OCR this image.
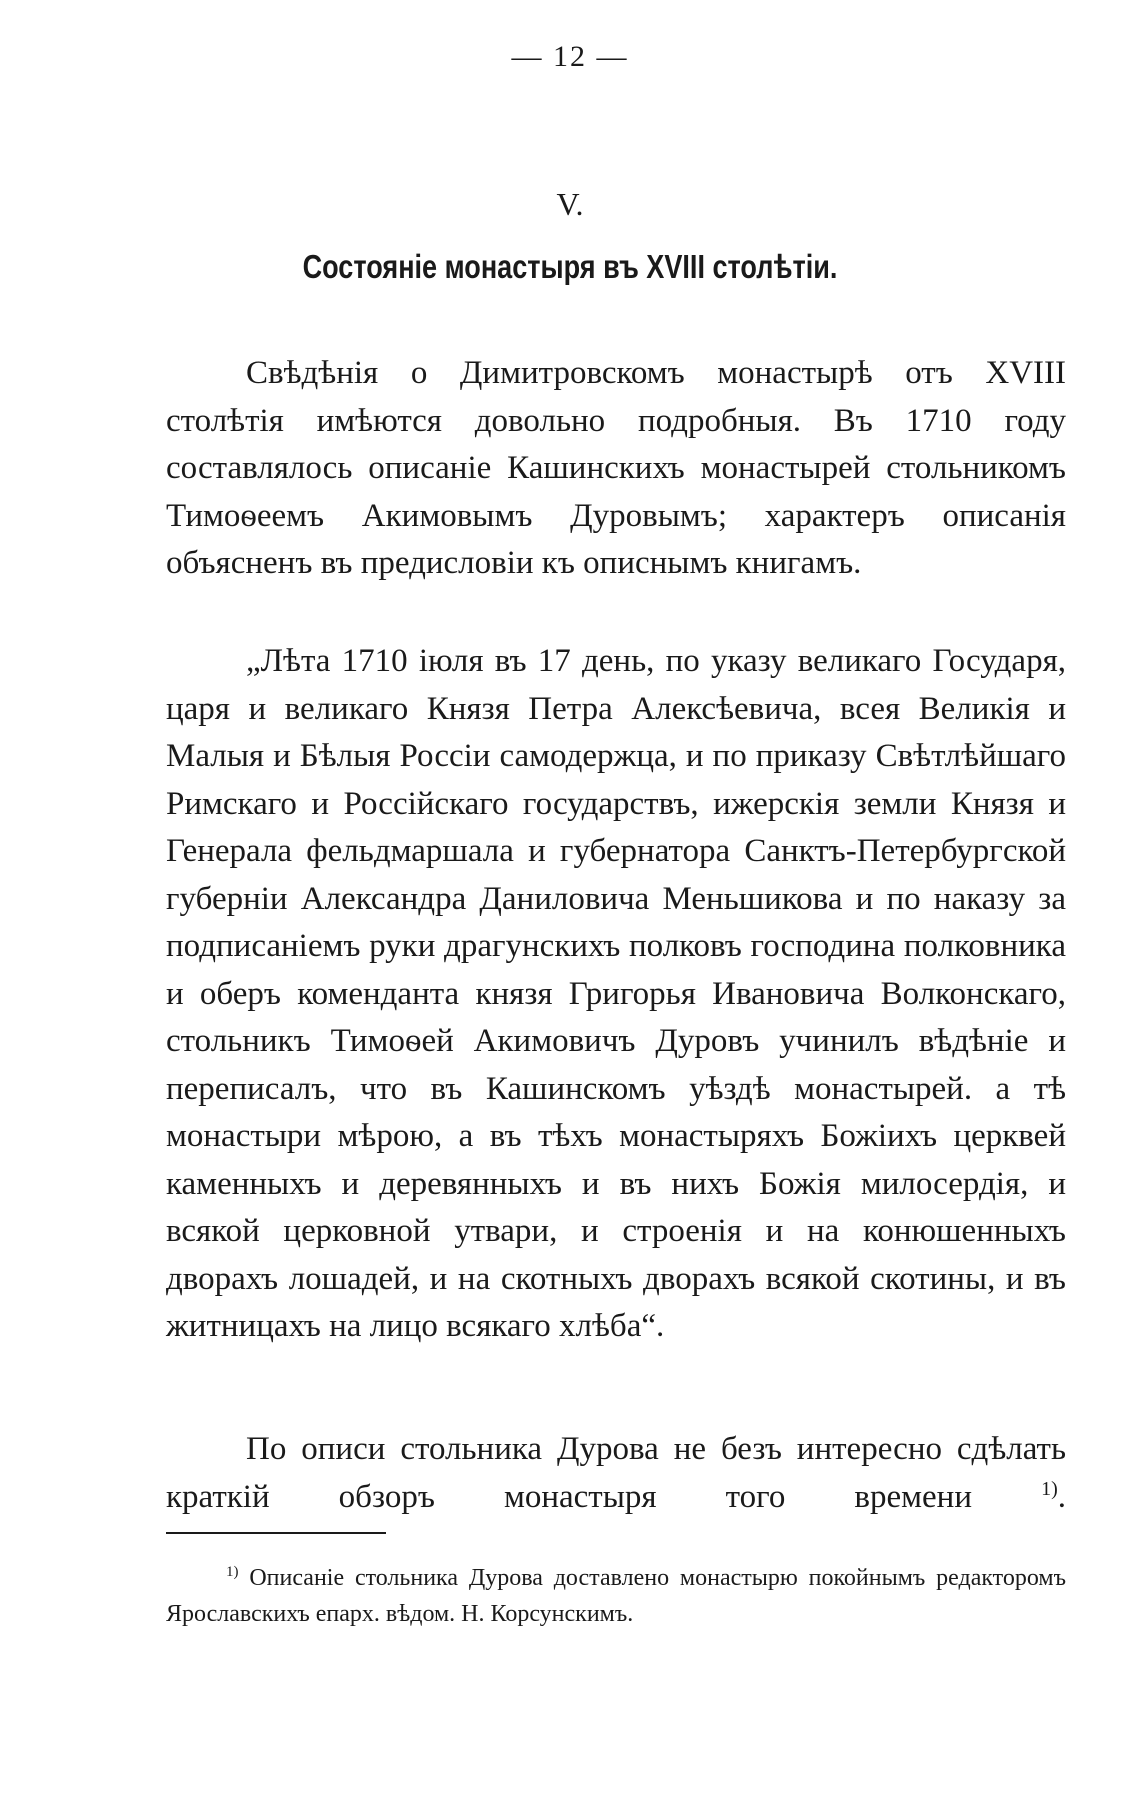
— 12 —
V.
Состояніе монастыря въ XVIII столѣтіи.

Свѣдѣнія о Димитровскомъ монастырѣ отъ XVIII столѣтія имѣются довольно подробныя. Въ 1710 году составлялось описаніе Кашинскихъ монастырей стольникомъ Тимоѳеемъ Акимовымъ Дуровымъ; характеръ описанія объясненъ въ предисловіи къ описнымъ книгамъ.

„Лѣта 1710 іюля въ 17 день, по указу великаго Государя, царя и великаго Князя Петра Алексѣевича, всея Великія и Малыя и Бѣлыя Россіи самодержца, и по приказу Свѣтлѣйшаго Римскаго и Россійскаго государствъ, ижерскія земли Князя и Генерала фельдмаршала и губернатора Санктъ-Петербургской губерніи Александра Даниловича Меньшикова и по наказу за подписаніемъ руки драгунскихъ полковъ господина полковника и оберъ коменданта князя Григорья Ивановича Волконскаго, стольникъ Тимоѳей Акимовичъ Дуровъ учинилъ вѣдѣніе и переписалъ, что въ Кашинскомъ уѣздѣ монастырей. а тѣ монастыри мѣрою, а въ тѣхъ монастыряхъ Божіихъ церквей каменныхъ и деревянныхъ и въ нихъ Божія милосердія, и всякой церковной утвари, и строенія и на конюшенныхъ дворахъ лошадей, и на скотныхъ дворахъ всякой скотины, и въ житницахъ на лицо всякаго хлѣба“.

По описи стольника Дурова не безъ интересно сдѣлать краткій обзоръ монастыря того времени	$^{1)}$.

$^{1)}$ Описаніе стольника Дурова доставлено монастырю покойнымъ редакторомъ Ярославскихъ епарх. вѣдом. Н. Корсунскимъ.
